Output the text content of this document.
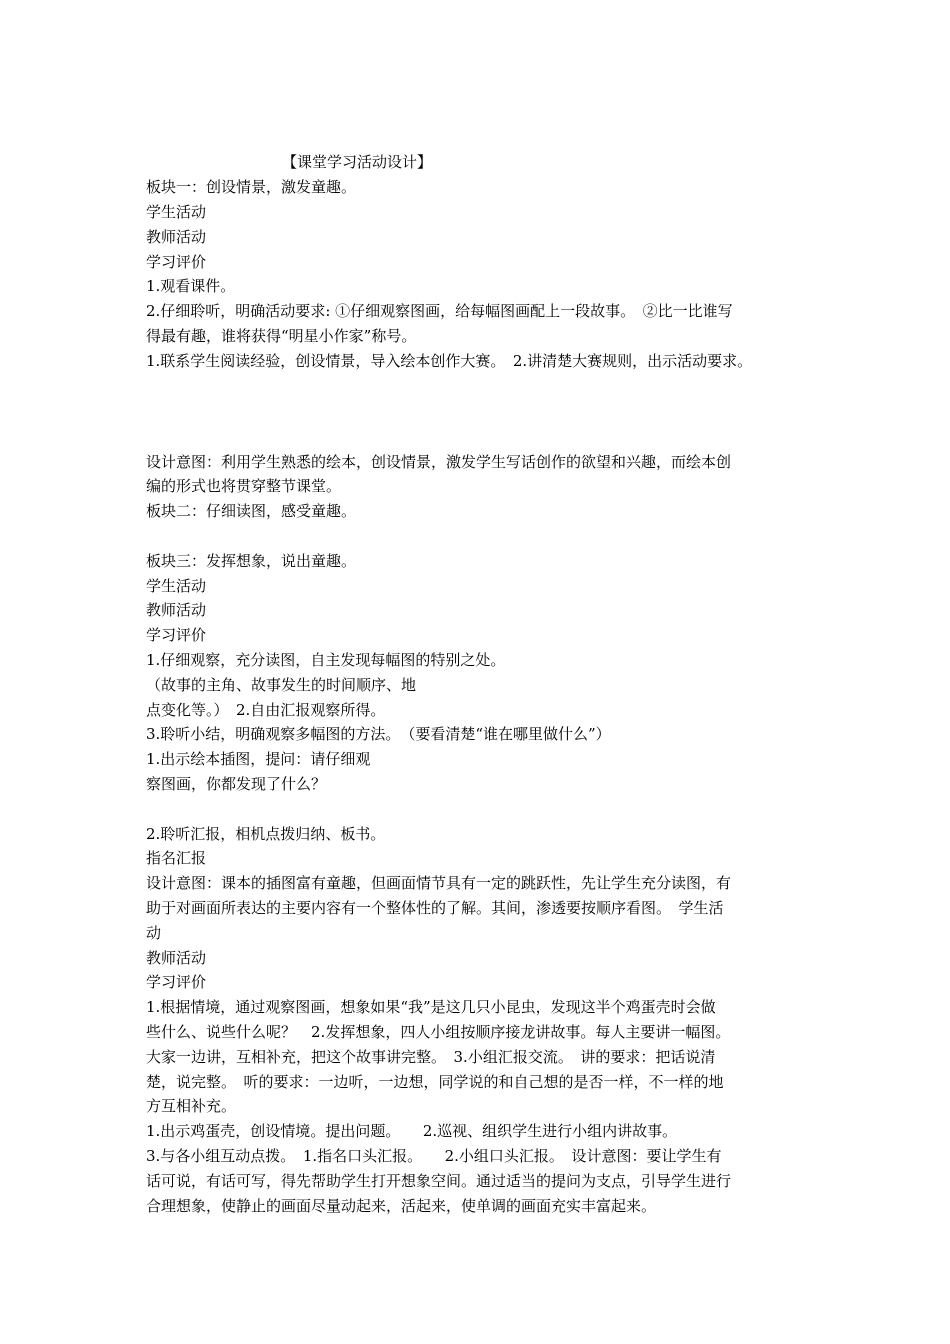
【课堂学习活动设计】
板块一：创设情景，激发童趣。
学生活动
教师活动
学习评价
1.观看课件。
2.仔细聆听，明确活动要求: ①仔细观察图画，给每幅图画配上一段故事。　②比一比谁写
得最有趣，谁将获得“明星小作家”称号。
1.联系学生阅读经验，创设情景，导入绘本创作大赛。　2.讲清楚大赛规则，出示活动要求。
设计意图：利用学生熟悉的绘本，创设情景，激发学生写话创作的欲望和兴趣，而绘本创
编的形式也将贯穿整节课堂。
板块二：仔细读图，感受童趣。
板块三：发挥想象，说出童趣。
学生活动
教师活动
学习评价
1.仔细观察，充分读图，自主发现每幅图的特别之处。
（故事的主角、故事发生的时间顺序、地
点变化等。）　2.自由汇报观察所得。
3.聆听小结，明确观察多幅图的方法。　（要看清楚“谁在哪里做什么”）
1.出示绘本插图，提问：请仔细观
察图画，你都发现了什么？
2.聆听汇报，相机点拨归纳、板书。
指名汇报
设计意图：课本的插图富有童趣，但画面情节具有一定的跳跃性，先让学生充分读图，有
助于对画面所表达的主要内容有一个整体性的了解。其间，渗透要按顺序看图。　学生活
动
教师活动
学习评价
1.根据情境，通过观察图画，想象如果“我”是这几只小昆虫，发现这半个鸡蛋壳时会做
些什么、说些什么呢？　2.发挥想象，四人小组按顺序接龙讲故事。每人主要讲一幅图。
大家一边讲，互相补充，把这个故事讲完整。　3.小组汇报交流。　讲的要求：把话说清
楚，说完整。　听的要求：一边听，一边想，同学说的和自己想的是否一样，不一样的地
方互相补充。
1.出示鸡蛋壳，创设情境。提出问题。　　2.巡视、组织学生进行小组内讲故事。
3.与各小组互动点拨。　1.指名口头汇报。　　2.小组口头汇报。　设计意图：要让学生有
话可说，有话可写，得先帮助学生打开想象空间。通过适当的提问为支点，引导学生进行
合理想象，使静止的画面尽量动起来，活起来，使单调的画面充实丰富起来。
